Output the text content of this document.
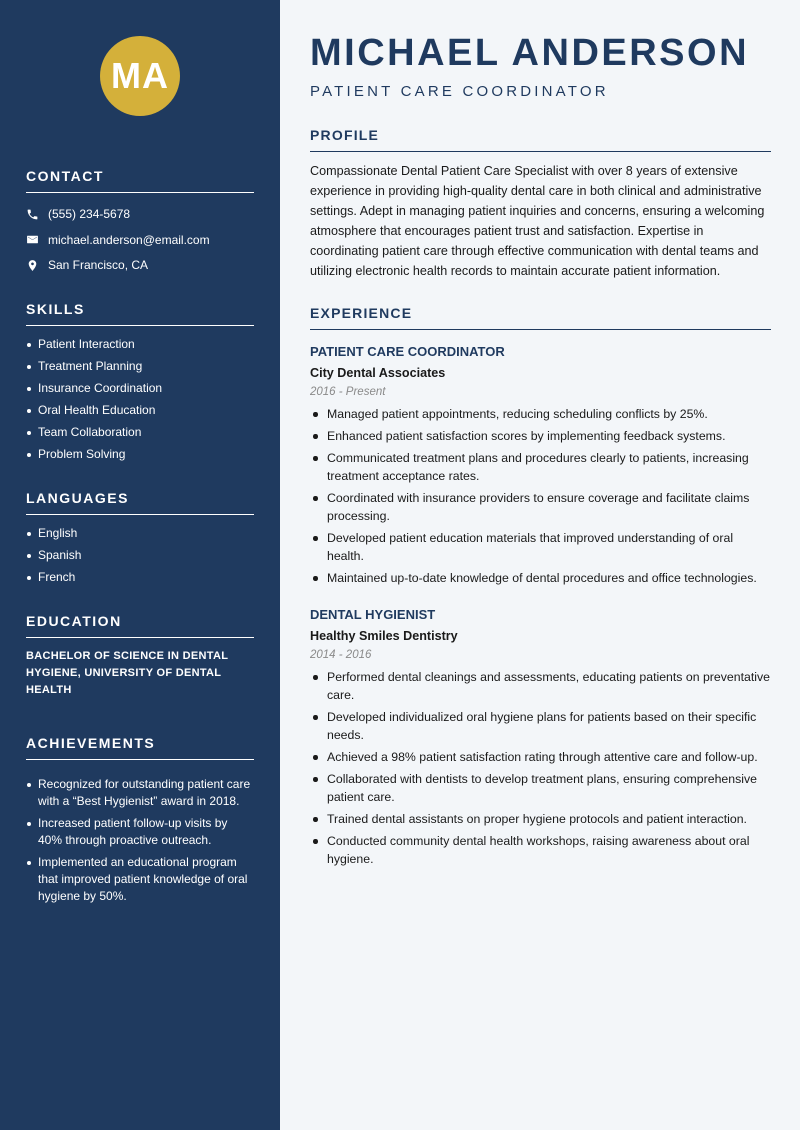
MA
CONTACT
(555) 234-5678
michael.anderson@email.com
San Francisco, CA
SKILLS
Patient Interaction
Treatment Planning
Insurance Coordination
Oral Health Education
Team Collaboration
Problem Solving
LANGUAGES
English
Spanish
French
EDUCATION

BACHELOR OF SCIENCE IN DENTAL HYGIENE, UNIVERSITY OF DENTAL HEALTH

ACHIEVEMENTS
Recognized for outstanding patient care with a “Best Hygienist” award in 2018.
Increased patient follow-up visits by 40% through proactive outreach.
Implemented an educational program that improved patient knowledge of oral hygiene by 50%.
MICHAEL ANDERSON
PATIENT CARE COORDINATOR
PROFILE

Compassionate Dental Patient Care Specialist with over 8 years of extensive experience in providing high-quality dental care in both clinical and administrative settings. Adept in managing patient inquiries and concerns, ensuring a welcoming atmosphere that encourages patient trust and satisfaction. Expertise in coordinating patient care through effective communication with dental teams and utilizing electronic health records to maintain accurate patient information.

EXPERIENCE
PATIENT CARE COORDINATOR
City Dental Associates
2016 - Present
Managed patient appointments, reducing scheduling conflicts by 25%.
Enhanced patient satisfaction scores by implementing feedback systems.
Communicated treatment plans and procedures clearly to patients, increasing treatment acceptance rates.
Coordinated with insurance providers to ensure coverage and facilitate claims processing.
Developed patient education materials that improved understanding of oral health.
Maintained up-to-date knowledge of dental procedures and office technologies.
DENTAL HYGIENIST
Healthy Smiles Dentistry
2014 - 2016
Performed dental cleanings and assessments, educating patients on preventative care.
Developed individualized oral hygiene plans for patients based on their specific needs.
Achieved a 98% patient satisfaction rating through attentive care and follow-up.
Collaborated with dentists to develop treatment plans, ensuring comprehensive patient care.
Trained dental assistants on proper hygiene protocols and patient interaction.
Conducted community dental health workshops, raising awareness about oral hygiene.
